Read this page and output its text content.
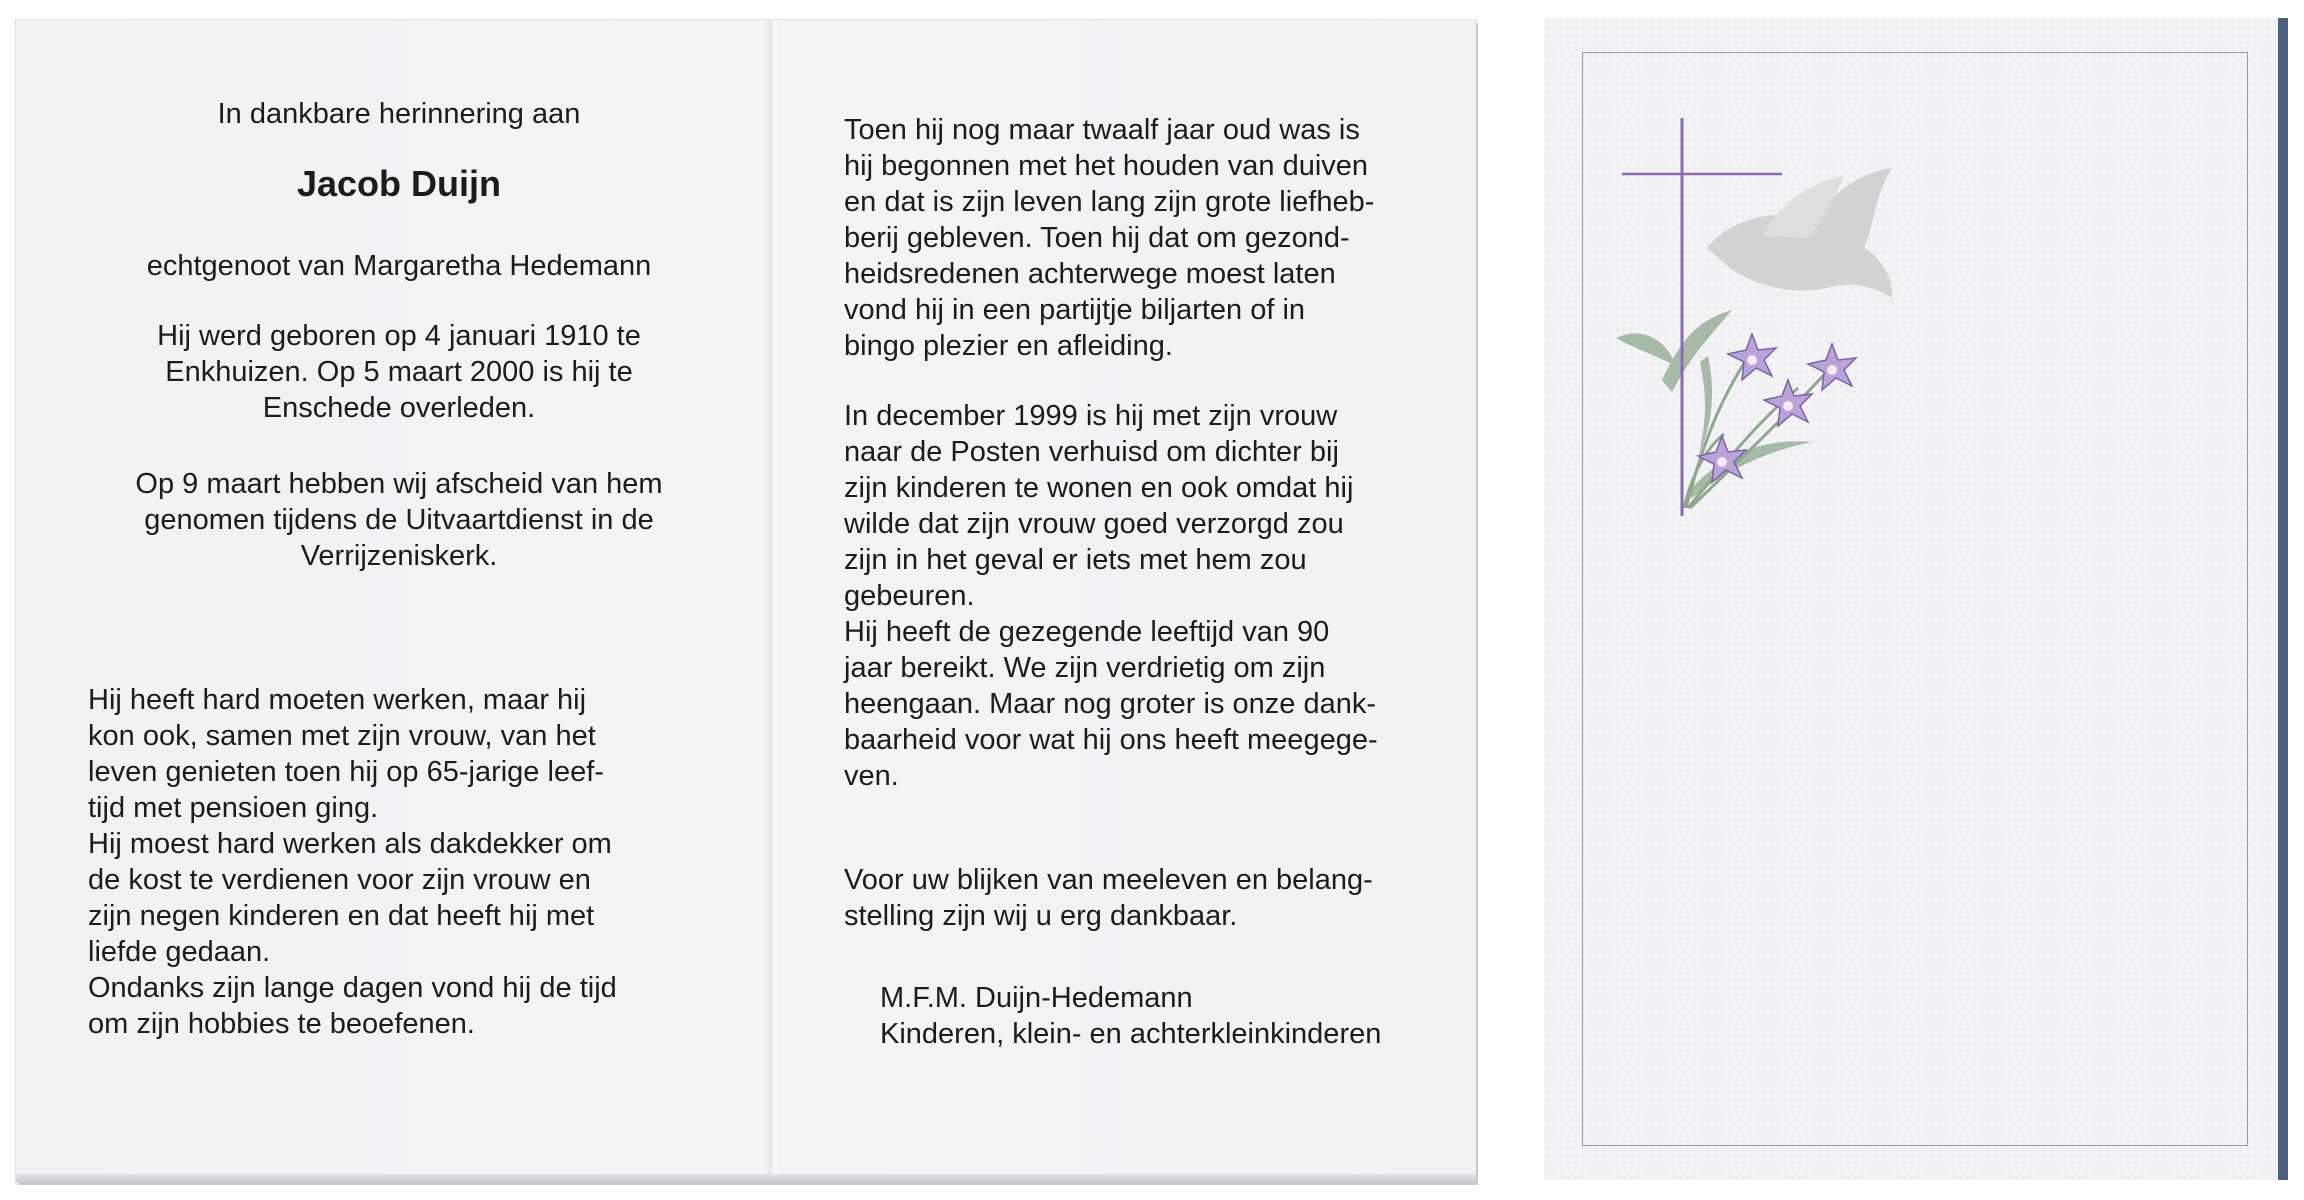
In dankbare herinnering aan

Jacob Duijn

echtgenoot van Margaretha Hedemann

Hij werd geboren op 4 januari 1910 te
Enkhuizen. Op 5 maart 2000 is hij te
Enschede overleden.
Op 9 maart hebben wij afscheid van hem
genomen tijdens de Uitvaartdienst in de
Verrijzeniskerk.
Hij heeft hard moeten werken, maar hij
kon ook, samen met zijn vrouw, van het
leven genieten toen hij op 65-jarige leef-
tijd met pensioen ging.
Hij moest hard werken als dakdekker om
de kost te verdienen voor zijn vrouw en
zijn negen kinderen en dat heeft hij met
liefde gedaan.
Ondanks zijn lange dagen vond hij de tijd
om zijn hobbies te beoefenen.
Toen hij nog maar twaalf jaar oud was is
hij begonnen met het houden van duiven
en dat is zijn leven lang zijn grote liefheb-
berij gebleven. Toen hij dat om gezond-
heidsredenen achterwege moest laten
vond hij in een partijtje biljarten of in
bingo plezier en afleiding.
In december 1999 is hij met zijn vrouw
naar de Posten verhuisd om dichter bij
zijn kinderen te wonen en ook omdat hij
wilde dat zijn vrouw goed verzorgd zou
zijn in het geval er iets met hem zou
gebeuren.
Hij heeft de gezegende leeftijd van 90
jaar bereikt. We zijn verdrietig om zijn
heengaan. Maar nog groter is onze dank-
baarheid voor wat hij ons heeft meegege-
ven.
Voor uw blijken van meeleven en belang-
stelling zijn wij u erg dankbaar.
M.F.M. Duijn-Hedemann
Kinderen, klein- en achterkleinkinderen
